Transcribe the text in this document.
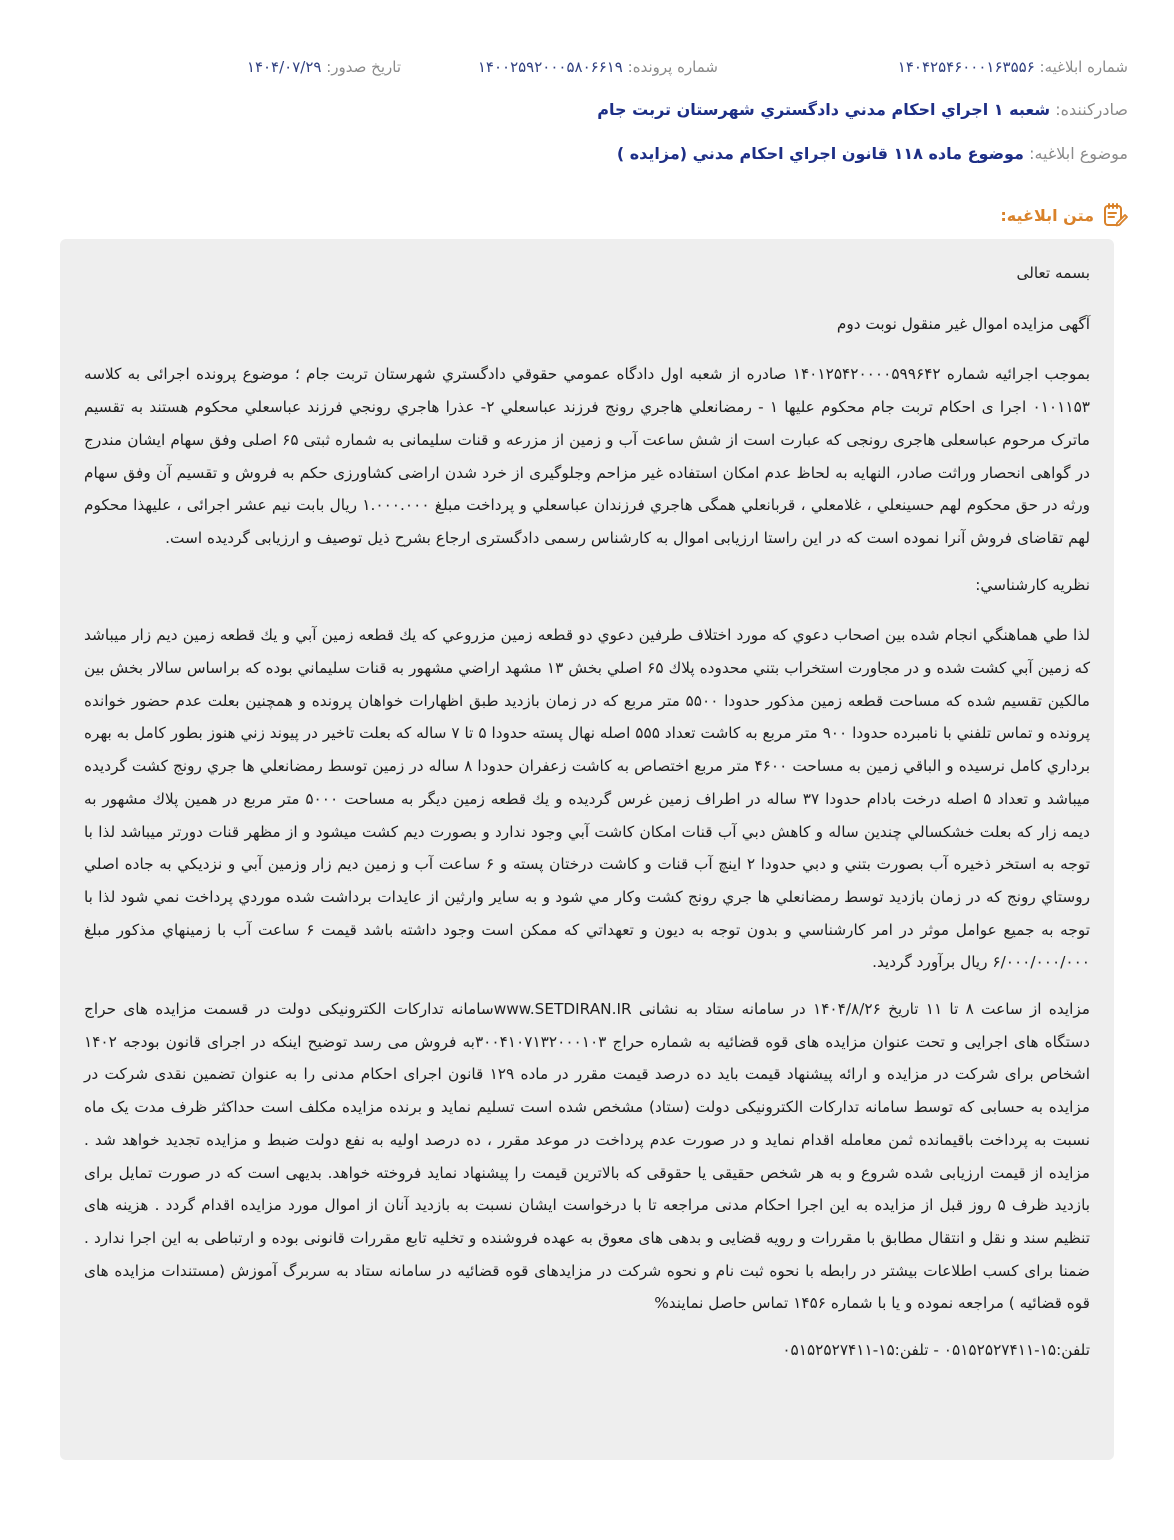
شماره ابلاغیه: ۱۴۰۴۲۵۴۶۰۰۰۱۶۳۵۵۶
شماره پرونده: ۱۴۰۰۲۵۹۲۰۰۰۵۸۰۶۶۱۹
تاریخ صدور: ۱۴۰۴/۰۷/۲۹
صادرکننده: شعبه ۱ اجراي احكام مدني دادگستري شهرستان تربت جام
موضوع ابلاغیه: موضوع ماده ۱۱۸ قانون اجراي احكام مدني (مزايده )
متن ابلاغیه:

بسمه تعالی

آگهی مزایده اموال غیر منقول نوبت دوم

بموجب اجرائیه شماره ۱۴۰۱۲۵۴۲۰۰۰۰۵۹۹۶۴۲ صادره از شعبه اول دادگاه عمومي حقوقي دادگستري شهرستان تربت جام ؛ موضوع پرونده اجرائی به کلاسه ۰۱۰۱۱۵۳ اجرا ی احکام تربت جام محکوم علیها ۱ - رمضانعلي هاجري رونج فرزند عباسعلي ۲- عذرا هاجري رونجي فرزند عباسعلي محکوم هستند به تقسیم ماترک مرحوم عباسعلی هاجری رونجی که عبارت است از شش ساعت آب و زمین از مزرعه و قنات سلیمانی به شماره ثبتی ۶۵ اصلی وفق سهام ایشان مندرج در گواهی انحصار وراثت صادر، النهایه به لحاظ عدم امکان استفاده غیر مزاحم وجلوگیری از خرد شدن اراضی کشاورزی حکم به فروش و تقسیم آن وفق سهام ورثه در حق محکوم لهم حسینعلي ، غلامعلي ، قربانعلي همگی هاجري فرزندان عباسعلي و پرداخت مبلغ ۱.۰۰۰.۰۰۰ ریال بابت نیم عشر اجرائی ، علیهذا محکوم لهم تقاضای فروش آنرا نموده است که در این راستا ارزیابی اموال به کارشناس رسمی دادگستری ارجاع بشرح ذیل توصیف و ارزیابی گردیده است.

نظريه کارشناسي:

لذا طي هماهنگي انجام شده بين اصحاب دعوي که مورد اختلاف طرفين دعوي دو قطعه زمين مزروعي که يك قطعه زمين آبي و يك قطعه زمين ديم زار ميباشد که زمين آبي کشت شده و در مجاورت استخراب بتني محدوده پلاك ۶۵ اصلي بخش ۱۳ مشهد اراضي مشهور به قنات سليماني بوده که براساس سالار بخش بين مالکين تقسيم شده که مساحت قطعه زمين مذکور حدودا ۵۵۰۰ متر مربع که در زمان بازديد طبق اظهارات خواهان پرونده و همچنين بعلت عدم حضور خوانده پرونده و تماس تلفني با نامبرده حدودا ۹۰۰ متر مربع به کاشت تعداد ۵۵۵ اصله نهال پسته حدودا ۵ تا ۷ ساله که بعلت تاخير در پيوند زني هنوز بطور کامل به بهره برداري کامل نرسيده و الباقي زمين به مساحت ۴۶۰۰ متر مربع اختصاص به کاشت زعفران حدودا ۸ ساله در زمين توسط رمضانعلي ها جري رونج کشت گرديده ميباشد و تعداد ۵ اصله درخت بادام حدودا ۳۷ ساله در اطراف زمين غرس گرديده و يك قطعه زمين ديگر به مساحت ۵۰۰۰ متر مربع در همين پلاك مشهور به ديمه زار که بعلت خشكسالي چندين ساله و کاهش دبي آب قنات امکان کاشت آبي وجود ندارد و بصورت ديم کشت ميشود و از مظهر قنات دورتر ميباشد لذا با توجه به استخر ذخيره آب بصورت بتني و دبي حدودا ۲ اينچ آب قنات و کاشت درختان پسته و ۶ ساعت آب و زمين ديم زار وزمين آبي و نزديکي به جاده اصلي روستاي رونج که در زمان بازديد توسط رمضانعلي ها جري رونج کشت وکار مي شود و به ساير وارثين از عايدات برداشت شده موردي پرداخت نمي شود لذا با توجه به جميع عوامل موثر در امر کارشناسي و بدون توجه به ديون و تعهداتي که ممکن است وجود داشته باشد قيمت ۶ ساعت آب با زمينهاي مذکور مبلغ ۶/۰۰۰/۰۰۰/۰۰۰ ريال برآورد گرديد.

مزایده از ساعت ۸ تا ۱۱ تاریخ ۱۴۰۴/۸/۲۶ در سامانه ستاد به نشانی www.SETDIRAN.IRسامانه تدارکات الکترونیکی دولت در قسمت مزایده های حراج دستگاه های اجرایی و تحت عنوان مزایده های قوه قضائیه به شماره حراج ۳۰۰۴۱۰۷۱۳۲۰۰۰۱۰۳به فروش می رسد توضیح اینکه در اجرای قانون بودجه ۱۴۰۲ اشخاص برای شرکت در مزایده و ارائه پیشنهاد قیمت باید ده درصد قیمت مقرر در ماده ۱۲۹ قانون اجرای احکام مدنی را به عنوان تضمین نقدی شرکت در مزایده به حسابی که توسط سامانه تدارکات الکترونیکی دولت (ستاد) مشخص شده است تسلیم نماید و برنده مزایده مکلف است حداکثر ظرف مدت یک ماه نسبت به پرداخت باقیمانده ثمن معامله اقدام نماید و در صورت عدم پرداخت در موعد مقرر ، ده درصد اولیه به نفع دولت ضبط و مزایده تجدید خواهد شد . مزایده از قیمت ارزیابی شده شروع و به هر شخص حقیقی یا حقوقی که بالاترین قیمت را پیشنهاد نماید فروخته خواهد. بدیهی است که در صورت تمایل برای بازدید ظرف ۵ روز قبل از مزایده به این اجرا احکام مدنی مراجعه تا با درخواست ایشان نسبت به بازدید آنان از اموال مورد مزایده اقدام گردد . هزینه های تنظیم سند و نقل و انتقال مطابق با مقررات و رویه قضایی و بدهی های معوق به عهده فروشنده و تخلیه تابع مقررات قانونی بوده و ارتباطی به این اجرا ندارد . ضمنا برای کسب اطلاعات بیشتر در رابطه با نحوه ثبت نام و نحوه شرکت در مزایدهای قوه قضائیه در سامانه ستاد به سربرگ آموزش (مستندات مزایده های قوه قضائیه ) مراجعه نموده و یا با شماره ۱۴۵۶ تماس حاصل نمایند%

تلفن:۱۵-۰۵۱۵۲۵۲۷۴۱۱ - تلفن:۱۵-۰۵۱۵۲۵۲۷۴۱۱
